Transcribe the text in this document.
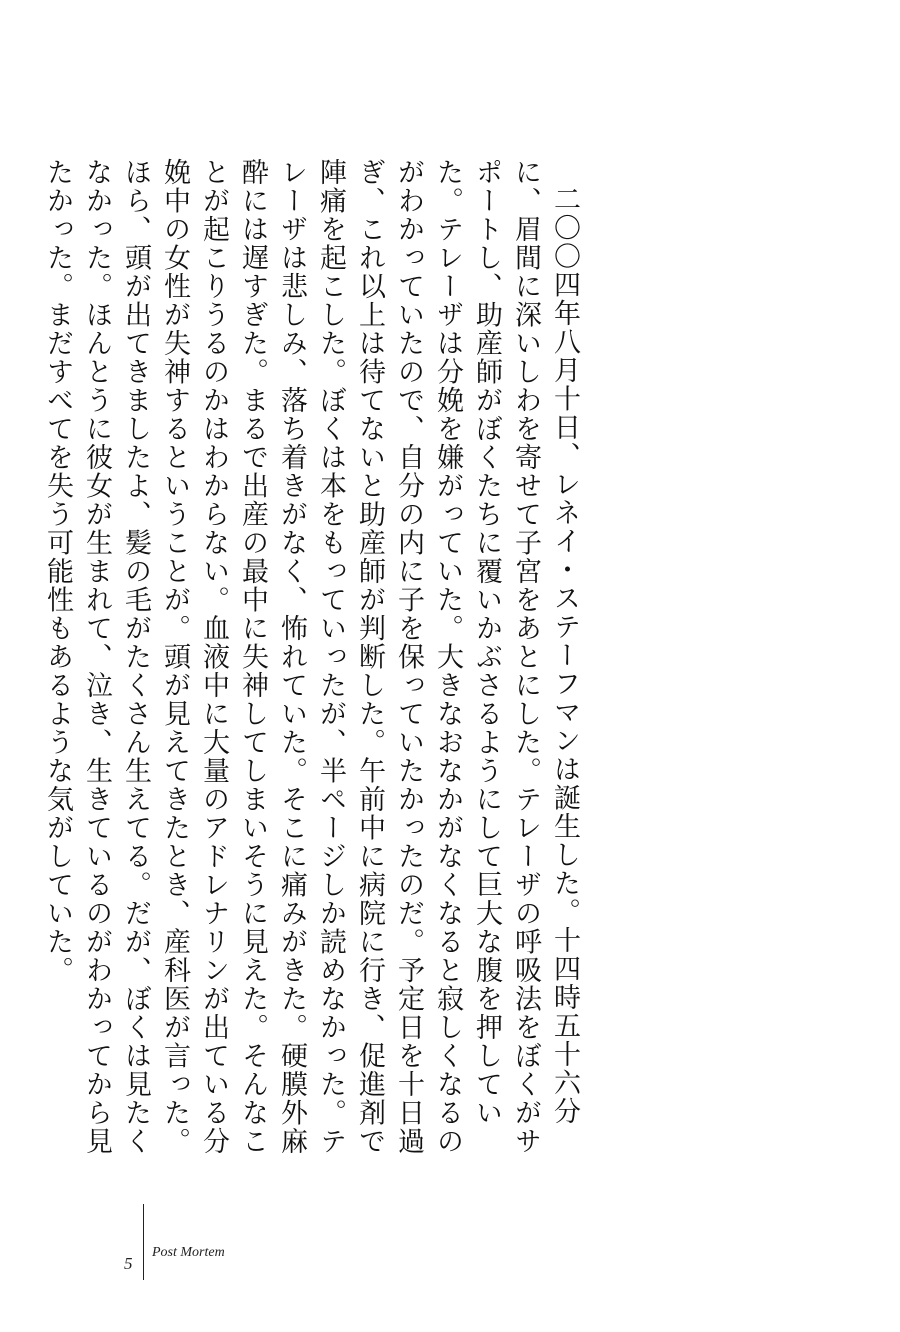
二〇〇四年八月十日、レネイ・ステーフマンは誕生した。十四時五十六分に、眉間に深いしわを寄せて子宮をあとにした。テレーザの呼吸法をぼくがサポートし、助産師がぼくたちに覆いかぶさるようにして巨大な腹を押していた。テレーザは分娩を嫌がっていた。大きなおなかがなくなると寂しくなるのがわかっていたので、自分の内に子を保っていたかったのだ。予定日を十日過ぎ、これ以上は待てないと助産師が判断した。午前中に病院に行き、促進剤で陣痛を起こした。ぼくは本をもっていったが、半ページしか読めなかった。テレーザは悲しみ、落ち着きがなく、怖れていた。そこに痛みがきた。硬膜外麻酔には遅すぎた。まるで出産の最中に失神してしまいそうに見えた。そんなことが起こりうるのかはわからない。血液中に大量のアドレナリンが出ている分娩中の女性が失神するということが。頭が見えてきたとき、産科医が言った。ほら、頭が出てきましたよ、髪の毛がたくさん生えてる。だが、ぼくは見たくなかった。ほんとうに彼女が生まれて、泣き、生きているのがわかってから見たかった。まだすべてを失う可能性もあるような気がしていた。

5
Post Mortem
